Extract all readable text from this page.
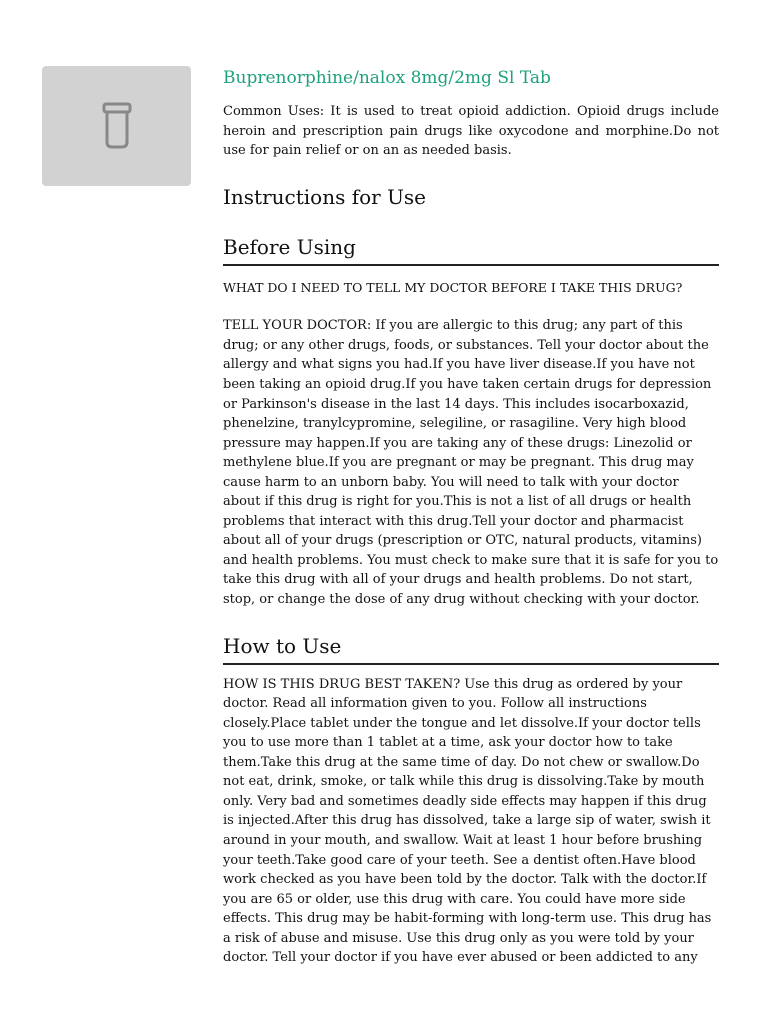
Buprenorphine/nalox 8mg/2mg Sl Tab

Common Uses: It is used to treat opioid addiction. Opioid drugs include heroin and prescription pain drugs like oxycodone and morphine.Do not use for pain relief or on an as needed basis.

Instructions for Use
Before Using

WHAT DO I NEED TO TELL MY DOCTOR BEFORE I TAKE THIS DRUG?

TELL YOUR DOCTOR: If you are allergic to this drug; any part of this drug; or any other drugs, foods, or substances. Tell your doctor about the allergy and what signs you had.If you have liver disease.If you have not been taking an opioid drug.If you have taken certain drugs for depression or Parkinson's disease in the last 14 days. This includes isocarboxazid, phenelzine, tranylcypromine, selegiline, or rasagiline. Very high blood pressure may happen.If you are taking any of these drugs: Linezolid or methylene blue.If you are pregnant or may be pregnant. This drug may cause harm to an unborn baby. You will need to talk with your doctor about if this drug is right for you.This is not a list of all drugs or health problems that interact with this drug.Tell your doctor and pharmacist about all of your drugs (prescription or OTC, natural products, vitamins) and health problems. You must check to make sure that it is safe for you to take this drug with all of your drugs and health problems. Do not start, stop, or change the dose of any drug without checking with your doctor.

How to Use

HOW IS THIS DRUG BEST TAKEN? Use this drug as ordered by your doctor. Read all information given to you. Follow all instructions closely.Place tablet under the tongue and let dissolve.If your doctor tells you to use more than 1 tablet at a time, ask your doctor how to take them.Take this drug at the same time of day. Do not chew or swallow.Do not eat, drink, smoke, or talk while this drug is dissolving.Take by mouth only. Very bad and sometimes deadly side effects may happen if this drug is injected.After this drug has dissolved, take a large sip of water, swish it around in your mouth, and swallow. Wait at least 1 hour before brushing your teeth.Take good care of your teeth. See a dentist often.Have blood work checked as you have been told by the doctor. Talk with the doctor.If you are 65 or older, use this drug with care. You could have more side effects. This drug may be habit-forming with long-term use. This drug has a risk of abuse and misuse. Use this drug only as you were told by your doctor. Tell your doctor if you have ever abused or been addicted to any
